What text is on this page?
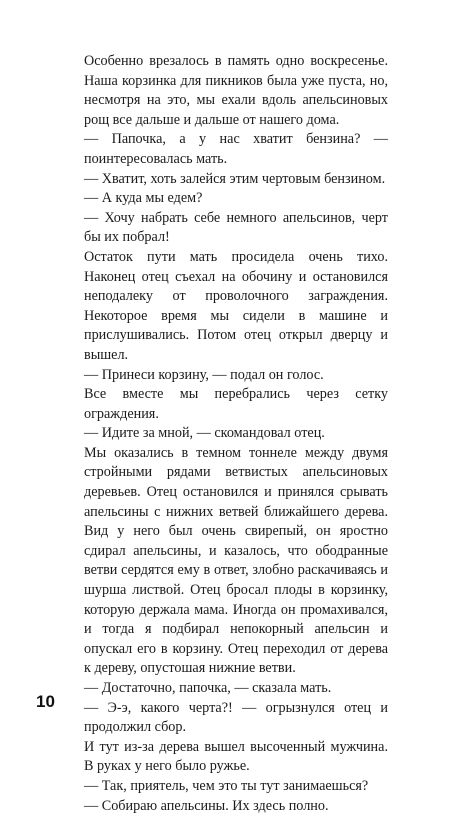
Особенно врезалось в память одно воскресенье. Наша корзинка для пикников была уже пуста, но, несмотря на это, мы ехали вдоль апельсиновых рощ все дальше и дальше от нашего дома.

— Папочка, а у нас хватит бензина? — поинтересовалась мать.

— Хватит, хоть залейся этим чертовым бензином.

— А куда мы едем?

— Хочу набрать себе немного апельсинов, черт бы их побрал!

Остаток пути мать просидела очень тихо. Наконец отец съехал на обочину и остановился неподалеку от проволочного заграждения. Некоторое время мы сидели в машине и прислушивались. Потом отец открыл дверцу и вышел.

— Принеси корзину, — подал он голос.

Все вместе мы перебрались через сетку ограждения.

— Идите за мной, — скомандовал отец.

Мы оказались в темном тоннеле между двумя стройными рядами ветвистых апельсиновых деревьев. Отец остановился и принялся срывать апельсины с нижних ветвей ближайшего дерева. Вид у него был очень свирепый, он яростно сдирал апельсины, и казалось, что ободранные ветви сердятся ему в ответ, злобно раскачиваясь и шурша листвой. Отец бросал плоды в корзинку, которую держала мама. Иногда он промахивался, и тогда я подбирал непокорный апельсин и опускал его в корзину. Отец переходил от дерева к дереву, опустошая нижние ветви.

— Достаточно, папочка, — сказала мать.

— Э-э, какого черта?! — огрызнулся отец и продолжил сбор.

И тут из-за дерева вышел высоченный мужчина. В руках у него было ружье.

— Так, приятель, чем это ты тут занимаешься?

— Собираю апельсины. Их здесь полно.

10
